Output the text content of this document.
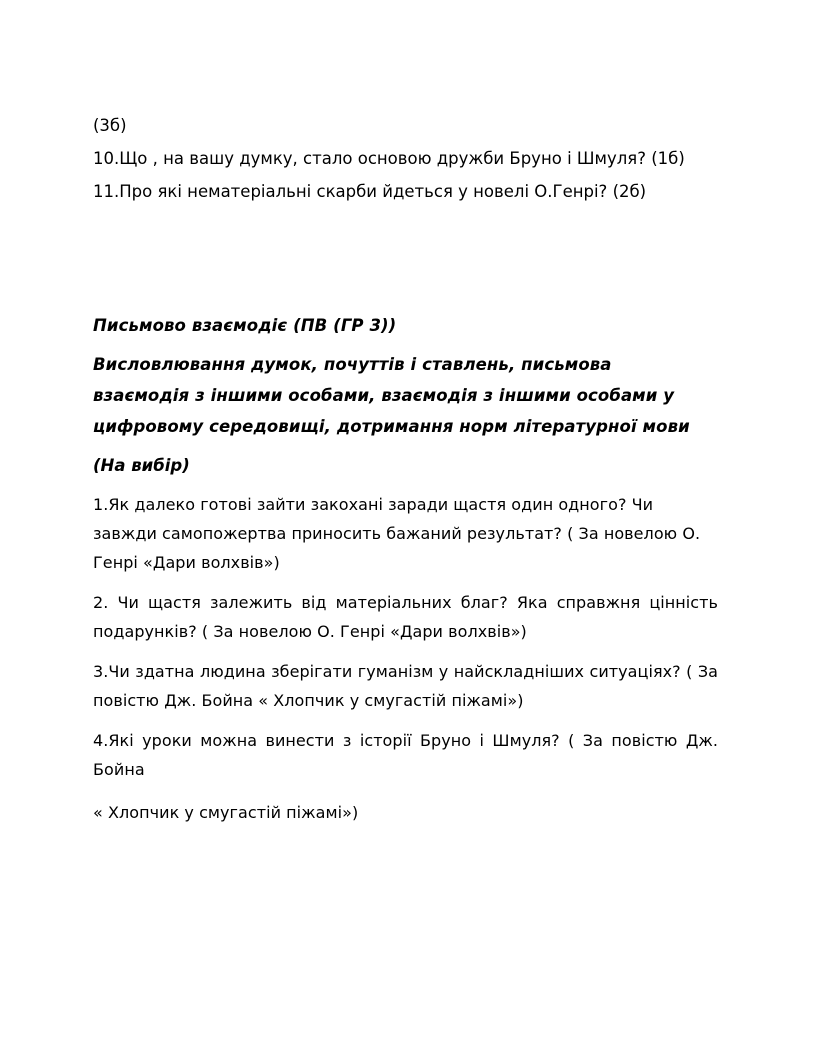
(3б)

10.Що , на вашу думку, стало основою дружби Бруно і Шмуля? (1б)

11.Про які нематеріальні скарби йдеться у новелі О.Генрі? (2б)

Письмово взаємодіє (ПВ (ГР 3))

Висловлювання думок, почуттів і ставлень, письмова взаємодія з іншими особами, взаємодія з іншими особами у цифровому середовищі, дотримання норм літературної мови

(На вибір)

1.Як далеко готові зайти закохані заради щастя один одного? Чи завжди самопожертва приносить бажаний результат? ( За новелою О. Генрі «Дари волхвів»)

2. Чи щастя залежить від матеріальних благ? Яка справжня цінність подарунків? ( За новелою О. Генрі «Дари волхвів»)

3.Чи здатна людина зберігати гуманізм у найскладніших ситуаціях? ( За повістю Дж. Бойна « Хлопчик у смугастій піжамі»)

4.Які уроки можна винести з історії Бруно і Шмуля? ( За повістю Дж. Бойна

« Хлопчик у смугастій піжамі»)
